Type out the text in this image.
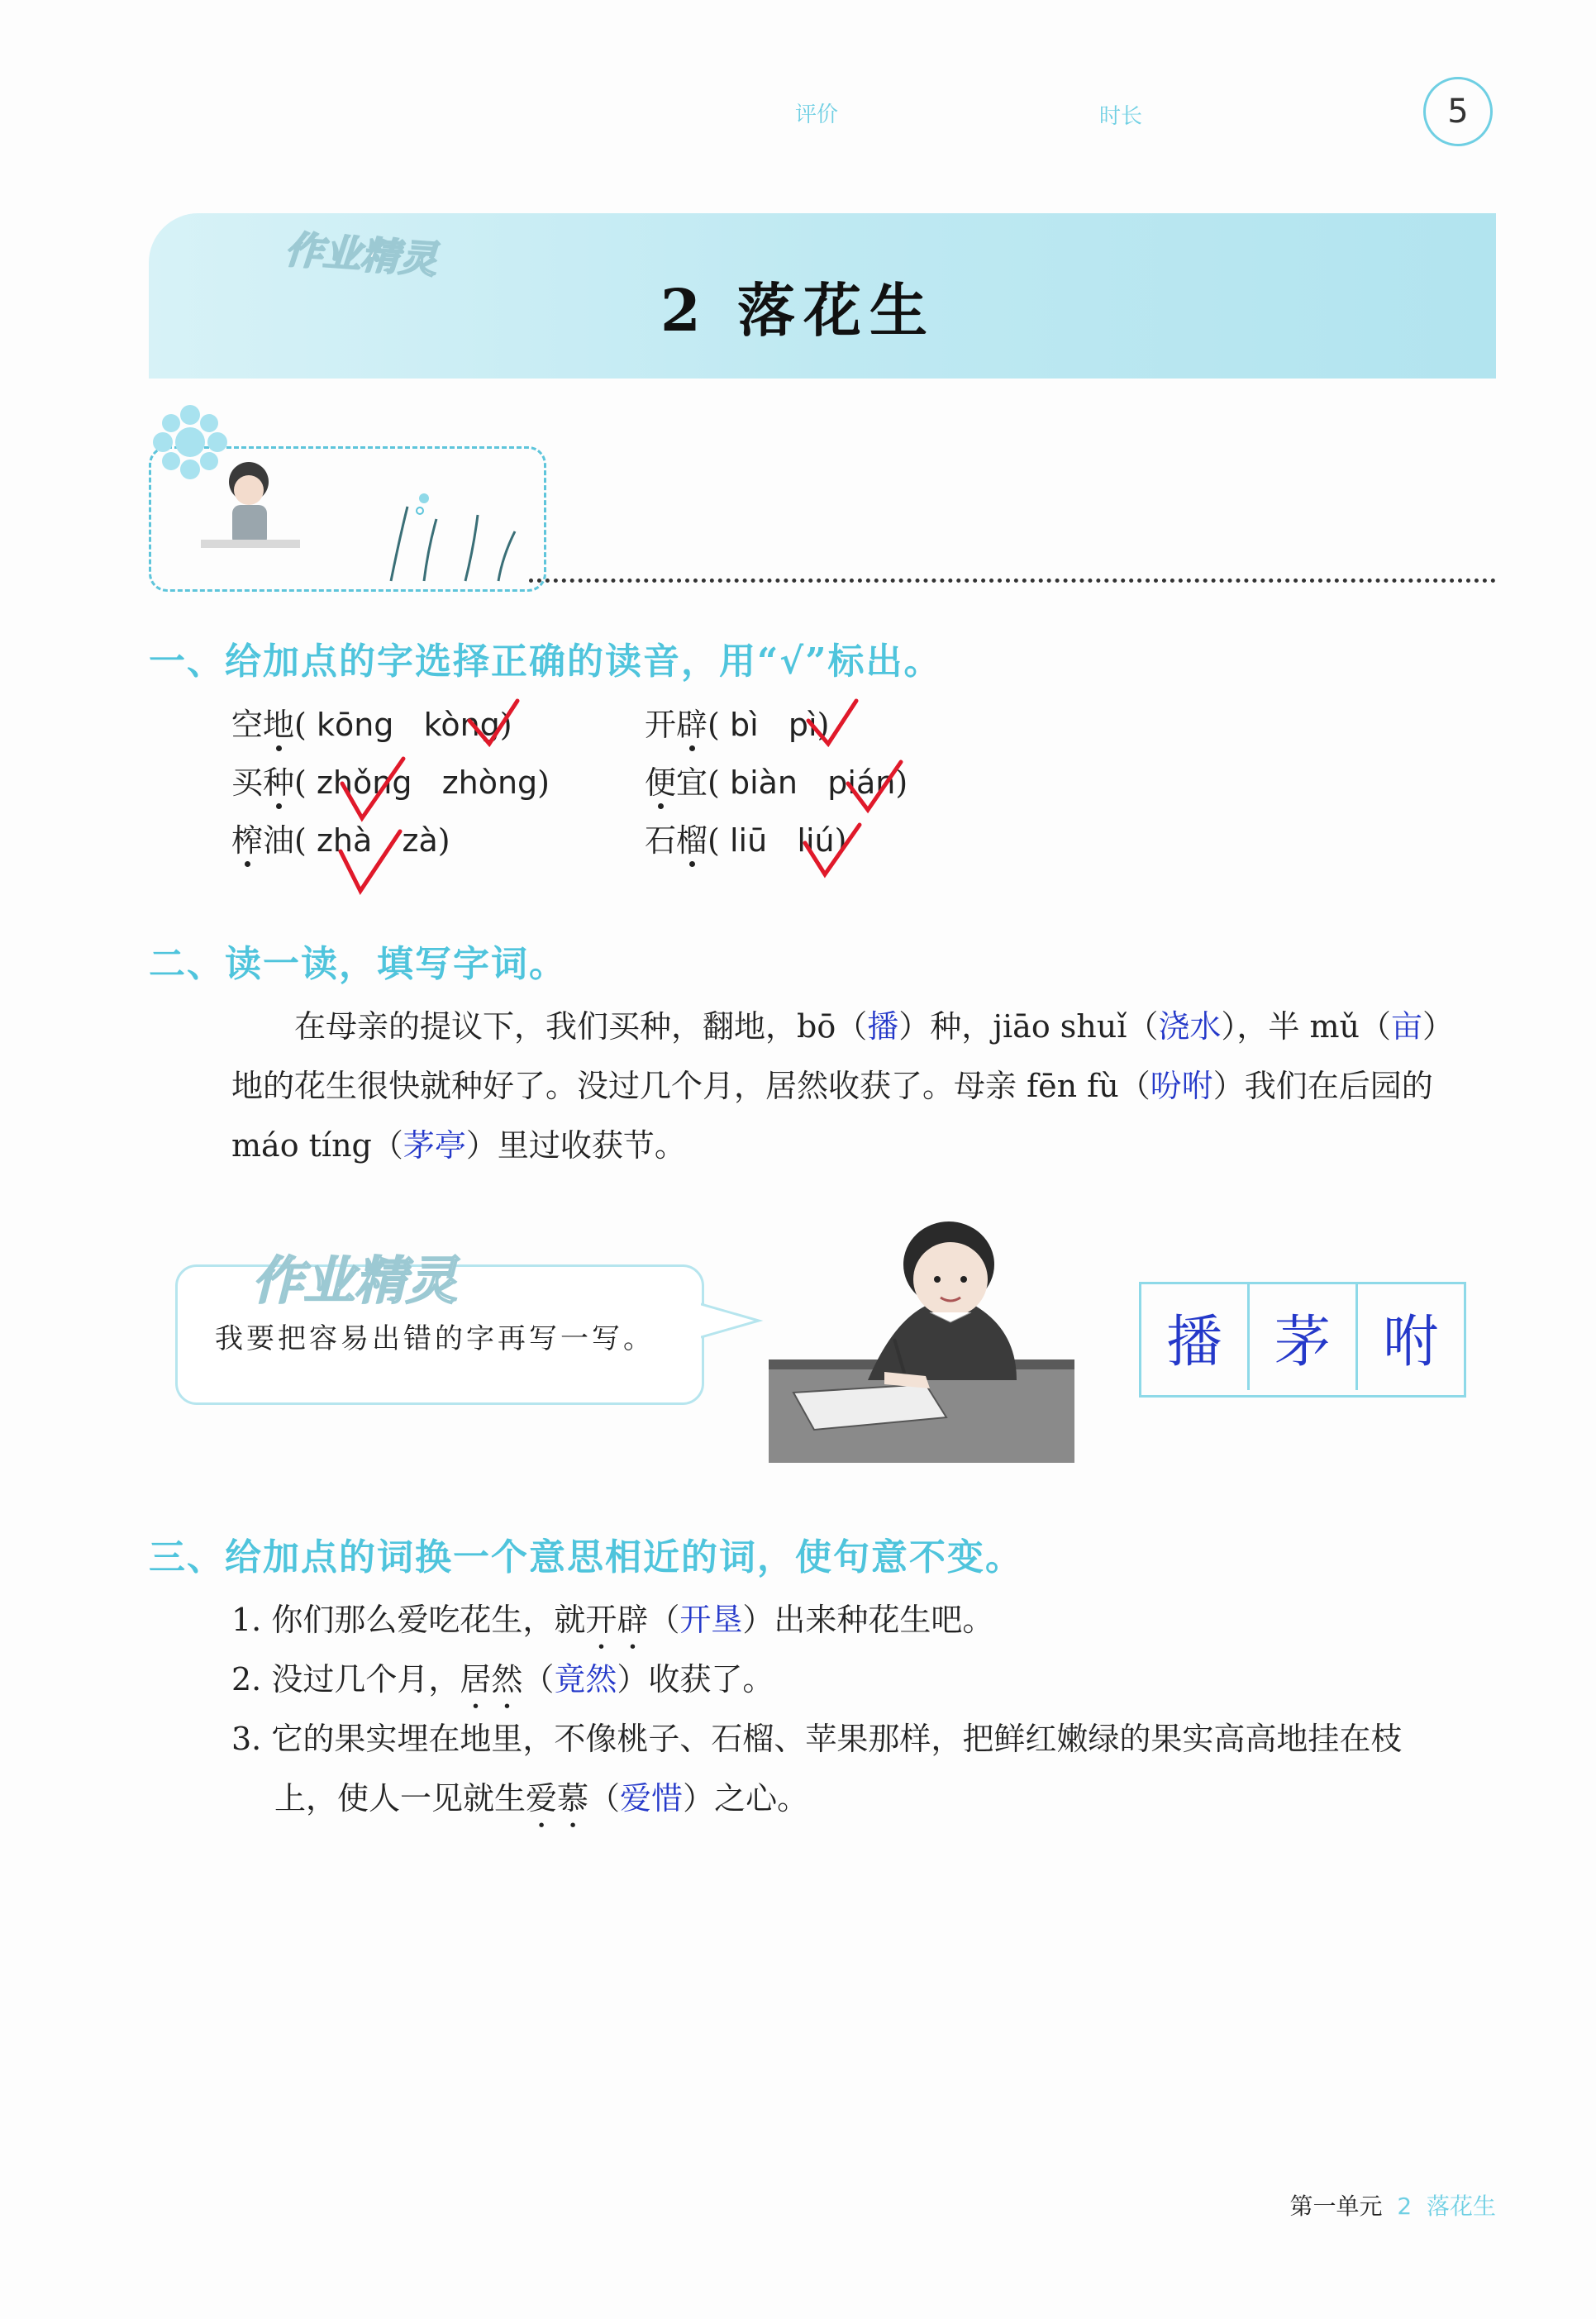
评价	时长	5
作业精灵
2 落花生
一、给加点的字选择正确的读音，用“√”标出。
空地( kōng kòng)	开辟( bì pì)
买种( zhǒng zhòng)	便宜( biàn pián)
榨油( zhà zà)	石榴( liū liú)
二、读一读，填写字词。
在母亲的提议下，我们买种，翻地，bō（播）种，jiāo shuǐ（浇水），半 mǔ（亩）
地的花生很快就种好了。没过几个月，居然收获了。母亲 fēn fù（吩咐）我们在后园的
máo tíng（茅亭）里过收获节。
作业精灵
我要把容易出错的字再写一写。	播 茅 咐
三、给加点的词换一个意思相近的词，使句意不变。
1. 你们那么爱吃花生，就开辟（开垦）出来种花生吧。
2. 没过几个月，居然（竟然）收获了。
3. 它的果实埋在地里，不像桃子、石榴、苹果那样，把鲜红嫩绿的果实高高地挂在枝
上，使人一见就生爱慕（爱惜）之心。
第一单元 2 落花生
